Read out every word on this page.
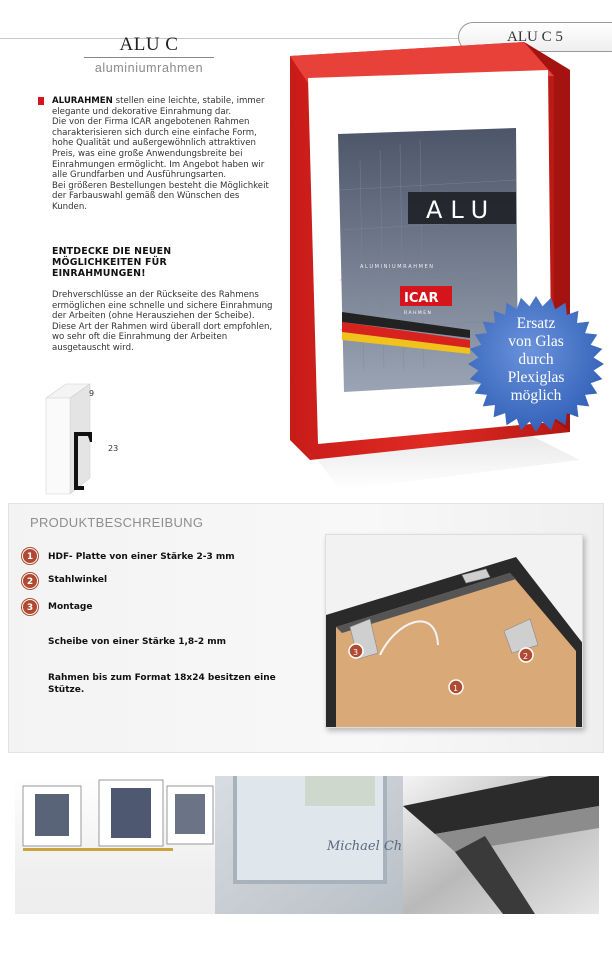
ALU C 5
ALU C
aluminiumrahmen
ALURAHMEN stellen eine leichte, stabile, immer elegante und dekorative Einrahmung dar.
Die von der Firma ICAR angebotenen Rahmen charakterisieren sich durch eine einfache Form, hohe Qualität und außergewöhnlich attraktiven Preis, was eine große Anwendungsbreite bei Einrahmungen ermöglicht. Im Angebot haben wir alle Grundfarben und Ausführungsarten.
Bei größeren Bestellungen besteht die Möglichkeit der Farbauswahl gemäß den Wünschen des Kunden.
ENTDECKE DIE NEUEN MÖGLICHKEITEN FÜR EINRAHMUNGEN!
Drehverschlüsse an der Rückseite des Rahmens ermöglichen eine schnelle und sichere Einrahmung der Arbeiten (ohne Herausziehen der Scheibe).
Diese Art der Rahmen wird überall dort empfohlen, wo sehr oft die Einrahmung der Arbeiten ausgetauscht wird.
9
23
ALU
A L U M I N I U M R A H M E N
ICAR
R A H M E N
Ersatz
von Glas
durch
Plexiglas
möglich
PRODUKTBESCHREIBUNG
1	HDF- Platte von einer Stärke 2-3 mm
2	Stahlwinkel
3	Montage
Scheibe von einer Stärke 1,8-2 mm
Rahmen bis zum Format 18x24 besitzen eine Stütze.
3	2
1
Michael Ch
